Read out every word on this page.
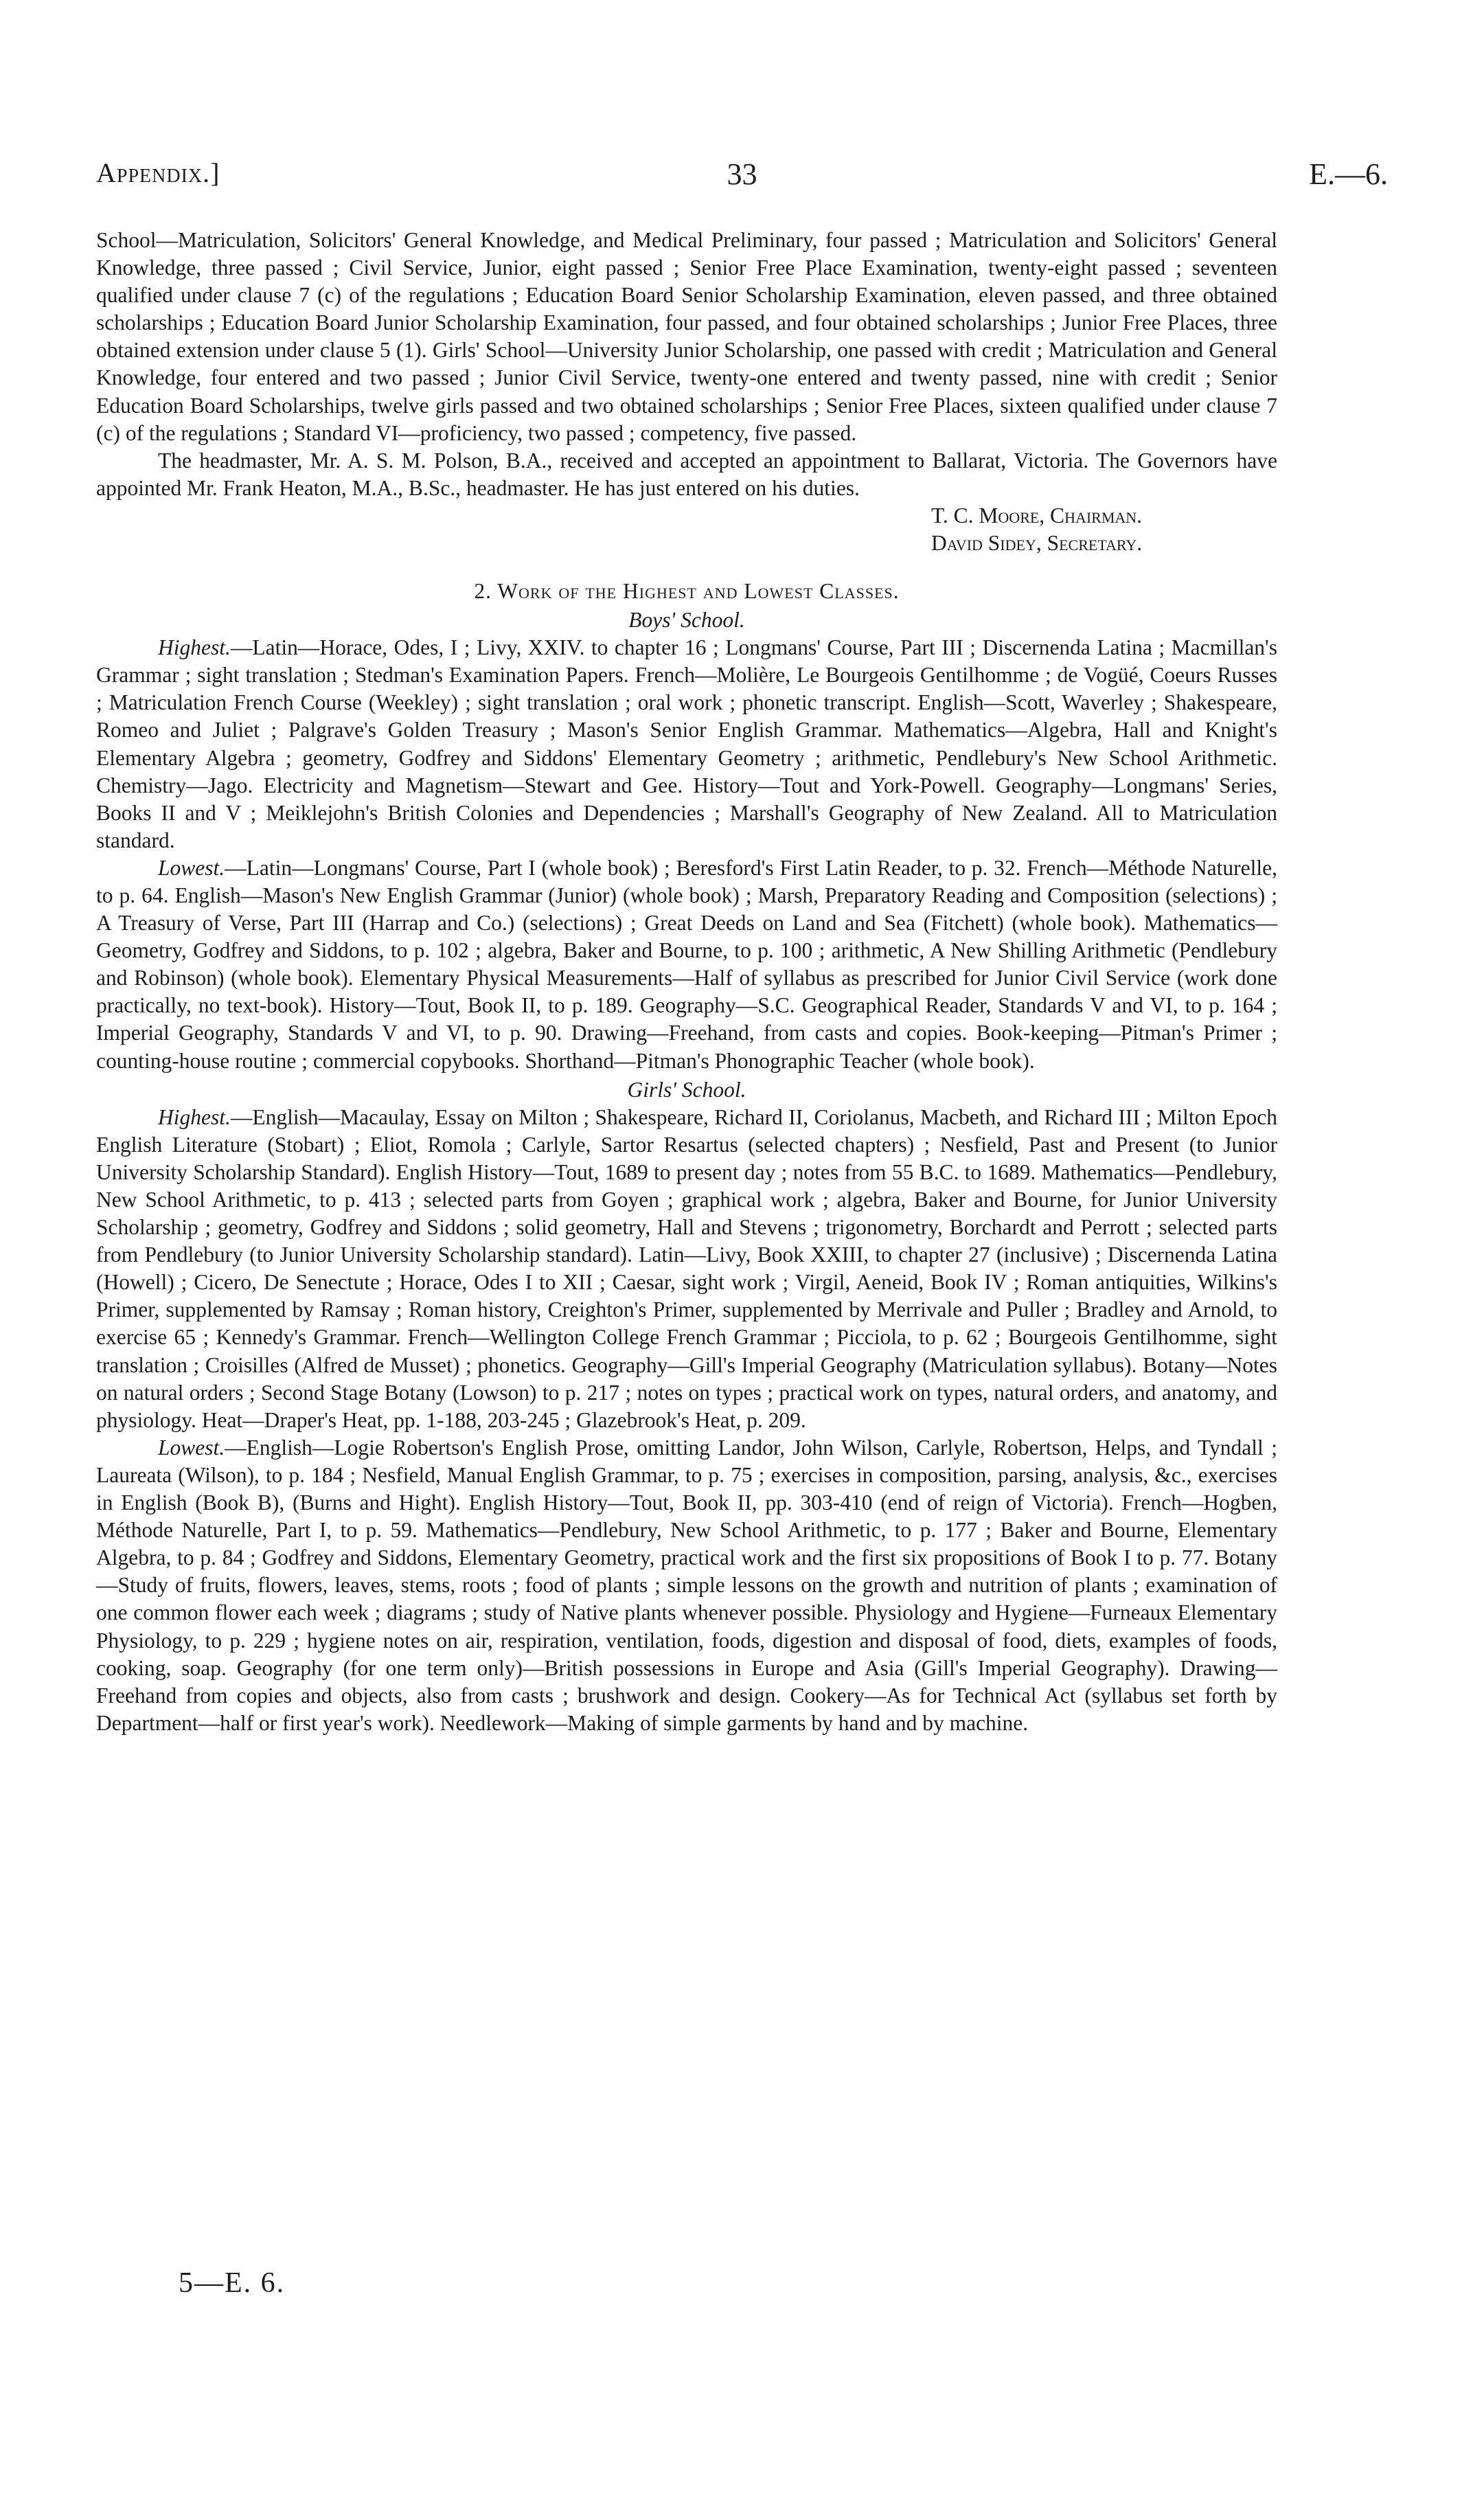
Appendix.]	33	E.—6.

School—Matriculation, Solicitors' General Knowledge, and Medical Preliminary, four passed ; Matriculation and Solicitors' General Knowledge, three passed ; Civil Service, Junior, eight passed ; Senior Free Place Examination, twenty-eight passed ; seventeen qualified under clause 7 (c) of the regulations ; Education Board Senior Scholarship Examination, eleven passed, and three obtained scholarships ; Education Board Junior Scholarship Examination, four passed, and four obtained scholarships ; Junior Free Places, three obtained extension under clause 5 (1). Girls' School—University Junior Scholarship, one passed with credit ; Matriculation and General Knowledge, four entered and two passed ; Junior Civil Service, twenty-one entered and twenty passed, nine with credit ; Senior Education Board Scholarships, twelve girls passed and two obtained scholarships ; Senior Free Places, sixteen qualified under clause 7 (c) of the regulations ; Standard VI—proficiency, two passed ; competency, five passed.

The headmaster, Mr. A. S. M. Polson, B.A., received and accepted an appointment to Ballarat, Victoria. The Governors have appointed Mr. Frank Heaton, M.A., B.Sc., headmaster. He has just entered on his duties.

T. C. Moore, Chairman.

David Sidey, Secretary.

2. Work of the Highest and Lowest Classes.

Boys' School.

Highest.—Latin—Horace, Odes, I ; Livy, XXIV. to chapter 16 ; Longmans' Course, Part III ; Discernenda Latina ; Macmillan's Grammar ; sight translation ; Stedman's Examination Papers. French—Molière, Le Bourgeois Gentilhomme ; de Vogüé, Coeurs Russes ; Matriculation French Course (Weekley) ; sight translation ; oral work ; phonetic transcript. English—Scott, Waverley ; Shakespeare, Romeo and Juliet ; Palgrave's Golden Treasury ; Mason's Senior English Grammar. Mathematics—Algebra, Hall and Knight's Elementary Algebra ; geometry, Godfrey and Siddons' Elementary Geometry ; arithmetic, Pendlebury's New School Arithmetic. Chemistry—Jago. Electricity and Magnetism—Stewart and Gee. History—Tout and York-Powell. Geography—Longmans' Series, Books II and V ; Meiklejohn's British Colonies and Dependencies ; Marshall's Geography of New Zealand. All to Matriculation standard.

Lowest.—Latin—Longmans' Course, Part I (whole book) ; Beresford's First Latin Reader, to p. 32. French—Méthode Naturelle, to p. 64. English—Mason's New English Grammar (Junior) (whole book) ; Marsh, Preparatory Reading and Composition (selections) ; A Treasury of Verse, Part III (Harrap and Co.) (selections) ; Great Deeds on Land and Sea (Fitchett) (whole book). Mathematics—Geometry, Godfrey and Siddons, to p. 102 ; algebra, Baker and Bourne, to p. 100 ; arithmetic, A New Shilling Arithmetic (Pendlebury and Robinson) (whole book). Elementary Physical Measurements—Half of syllabus as prescribed for Junior Civil Service (work done practically, no text-book). History—Tout, Book II, to p. 189. Geography—S.C. Geographical Reader, Standards V and VI, to p. 164 ; Imperial Geography, Standards V and VI, to p. 90. Drawing—Freehand, from casts and copies. Book-keeping—Pitman's Primer ; counting-house routine ; commercial copybooks. Shorthand—Pitman's Phonographic Teacher (whole book).

Girls' School.

Highest.—English—Macaulay, Essay on Milton ; Shakespeare, Richard II, Coriolanus, Macbeth, and Richard III ; Milton Epoch English Literature (Stobart) ; Eliot, Romola ; Carlyle, Sartor Resartus (selected chapters) ; Nesfield, Past and Present (to Junior University Scholarship Standard). English History—Tout, 1689 to present day ; notes from 55 B.C. to 1689. Mathematics—Pendlebury, New School Arithmetic, to p. 413 ; selected parts from Goyen ; graphical work ; algebra, Baker and Bourne, for Junior University Scholarship ; geometry, Godfrey and Siddons ; solid geometry, Hall and Stevens ; trigonometry, Borchardt and Perrott ; selected parts from Pendlebury (to Junior University Scholarship standard). Latin—Livy, Book XXIII, to chapter 27 (inclusive) ; Discernenda Latina (Howell) ; Cicero, De Senectute ; Horace, Odes I to XII ; Caesar, sight work ; Virgil, Aeneid, Book IV ; Roman antiquities, Wilkins's Primer, supplemented by Ramsay ; Roman history, Creighton's Primer, supplemented by Merrivale and Puller ; Bradley and Arnold, to exercise 65 ; Kennedy's Grammar. French—Wellington College French Grammar ; Picciola, to p. 62 ; Bourgeois Gentilhomme, sight translation ; Croisilles (Alfred de Musset) ; phonetics. Geography—Gill's Imperial Geography (Matriculation syllabus). Botany—Notes on natural orders ; Second Stage Botany (Lowson) to p. 217 ; notes on types ; practical work on types, natural orders, and anatomy, and physiology. Heat—Draper's Heat, pp. 1-188, 203-245 ; Glazebrook's Heat, p. 209.

Lowest.—English—Logie Robertson's English Prose, omitting Landor, John Wilson, Carlyle, Robertson, Helps, and Tyndall ; Laureata (Wilson), to p. 184 ; Nesfield, Manual English Grammar, to p. 75 ; exercises in composition, parsing, analysis, &c., exercises in English (Book B), (Burns and Hight). English History—Tout, Book II, pp. 303-410 (end of reign of Victoria). French—Hogben, Méthode Naturelle, Part I, to p. 59. Mathematics—Pendlebury, New School Arithmetic, to p. 177 ; Baker and Bourne, Elementary Algebra, to p. 84 ; Godfrey and Siddons, Elementary Geometry, practical work and the first six propositions of Book I to p. 77. Botany—Study of fruits, flowers, leaves, stems, roots ; food of plants ; simple lessons on the growth and nutrition of plants ; examination of one common flower each week ; diagrams ; study of Native plants whenever possible. Physiology and Hygiene—Furneaux Elementary Physiology, to p. 229 ; hygiene notes on air, respiration, ventilation, foods, digestion and disposal of food, diets, examples of foods, cooking, soap. Geography (for one term only)—British possessions in Europe and Asia (Gill's Imperial Geography). Drawing—Freehand from copies and objects, also from casts ; brushwork and design. Cookery—As for Technical Act (syllabus set forth by Department—half or first year's work). Needlework—Making of simple garments by hand and by machine.

5—E. 6.
